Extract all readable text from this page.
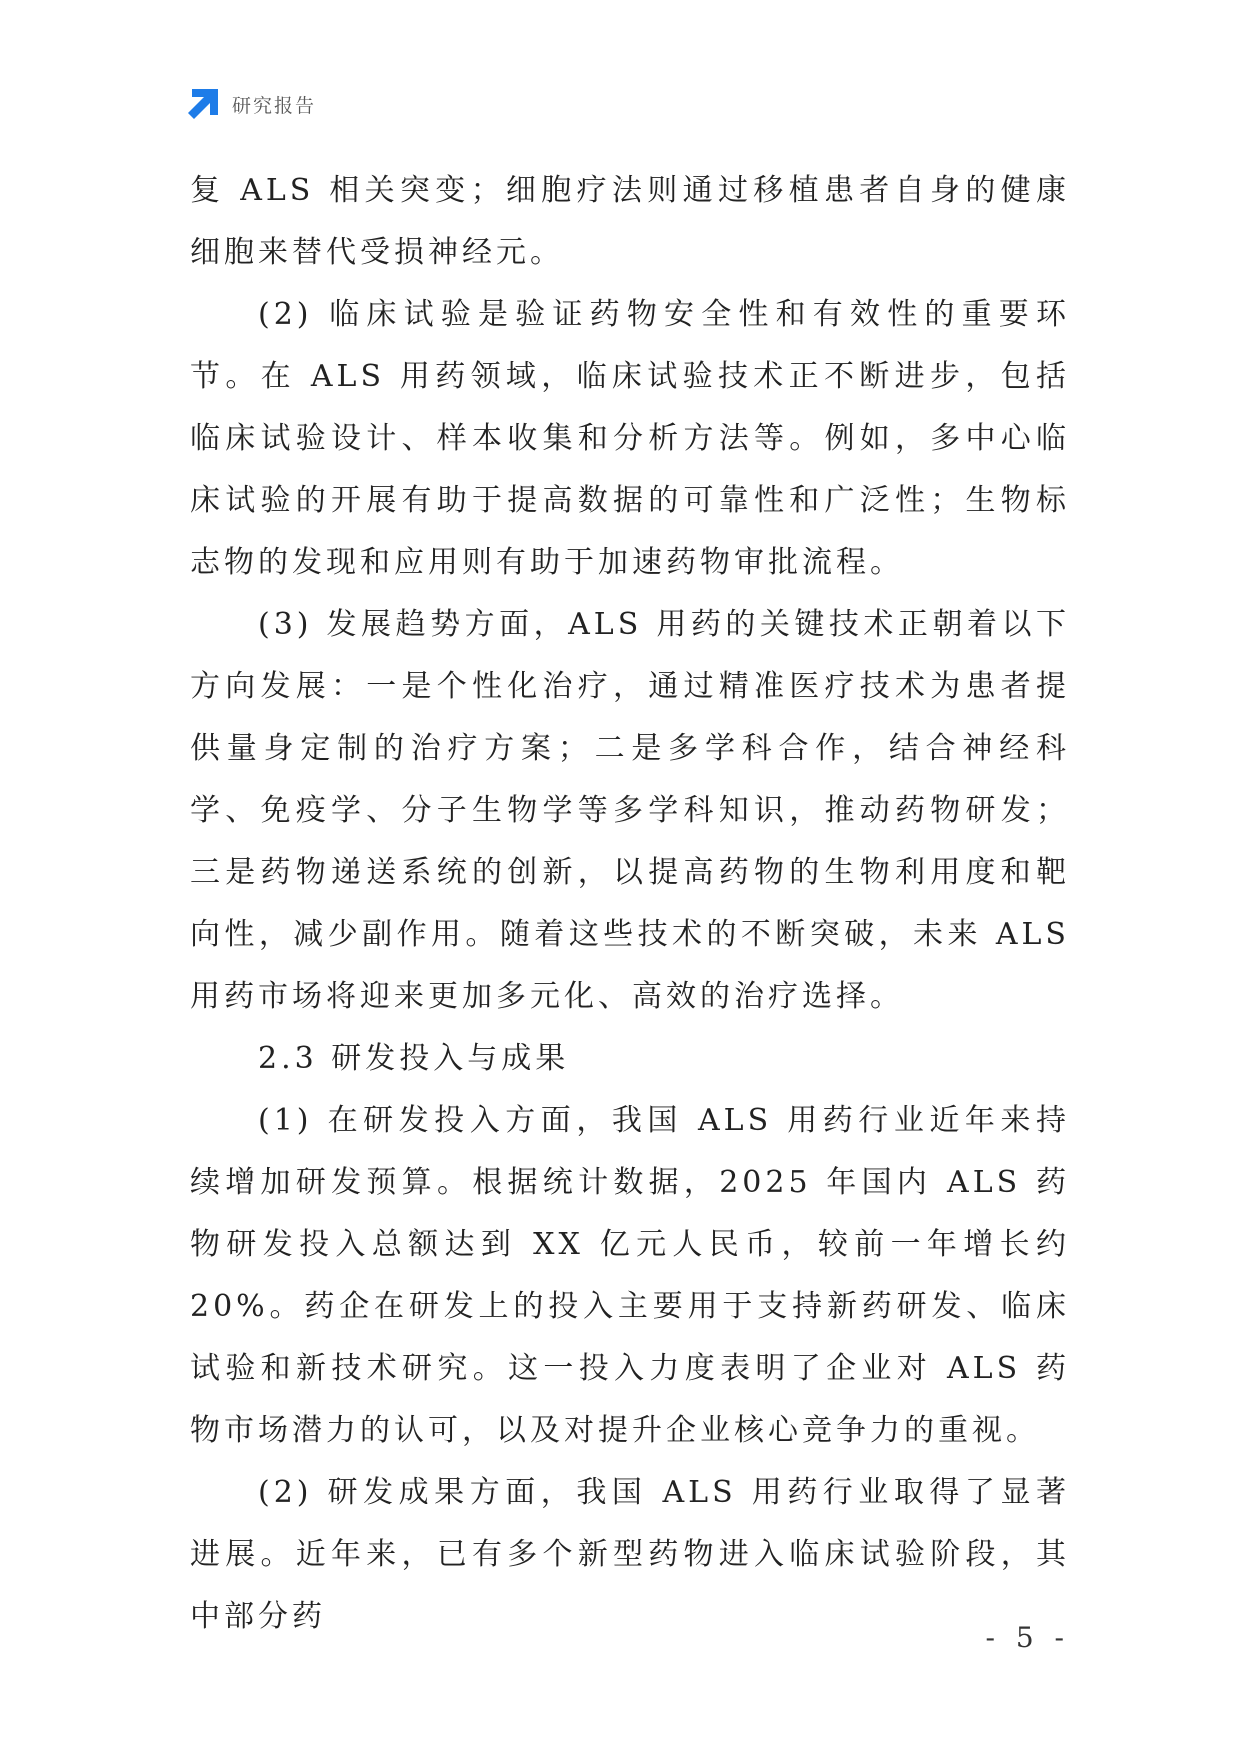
研究报告

复 ALS 相关突变；细胞疗法则通过移植患者自身的健康细胞来替代受损神经元。

(2) 临床试验是验证药物安全性和有效性的重要环节。在 ALS 用药领域，临床试验技术正不断进步，包括临床试验设计、样本收集和分析方法等。例如，多中心临床试验的开展有助于提高数据的可靠性和广泛性；生物标志物的发现和应用则有助于加速药物审批流程。

(3) 发展趋势方面，ALS 用药的关键技术正朝着以下方向发展：一是个性化治疗，通过精准医疗技术为患者提供量身定制的治疗方案；二是多学科合作，结合神经科学、免疫学、分子生物学等多学科知识，推动药物研发；三是药物递送系统的创新，以提高药物的生物利用度和靶向性，减少副作用。随着这些技术的不断突破，未来 ALS 用药市场将迎来更加多元化、高效的治疗选择。

2.3 研发投入与成果

(1) 在研发投入方面，我国 ALS 用药行业近年来持续增加研发预算。根据统计数据，2025 年国内 ALS 药物研发投入总额达到 XX 亿元人民币，较前一年增长约 20%。药企在研发上的投入主要用于支持新药研发、临床试验和新技术研究。这一投入力度表明了企业对 ALS 药物市场潜力的认可，以及对提升企业核心竞争力的重视。

(2) 研发成果方面，我国 ALS 用药行业取得了显著进展。近年来，已有多个新型药物进入临床试验阶段，其中部分药

- 5 -
